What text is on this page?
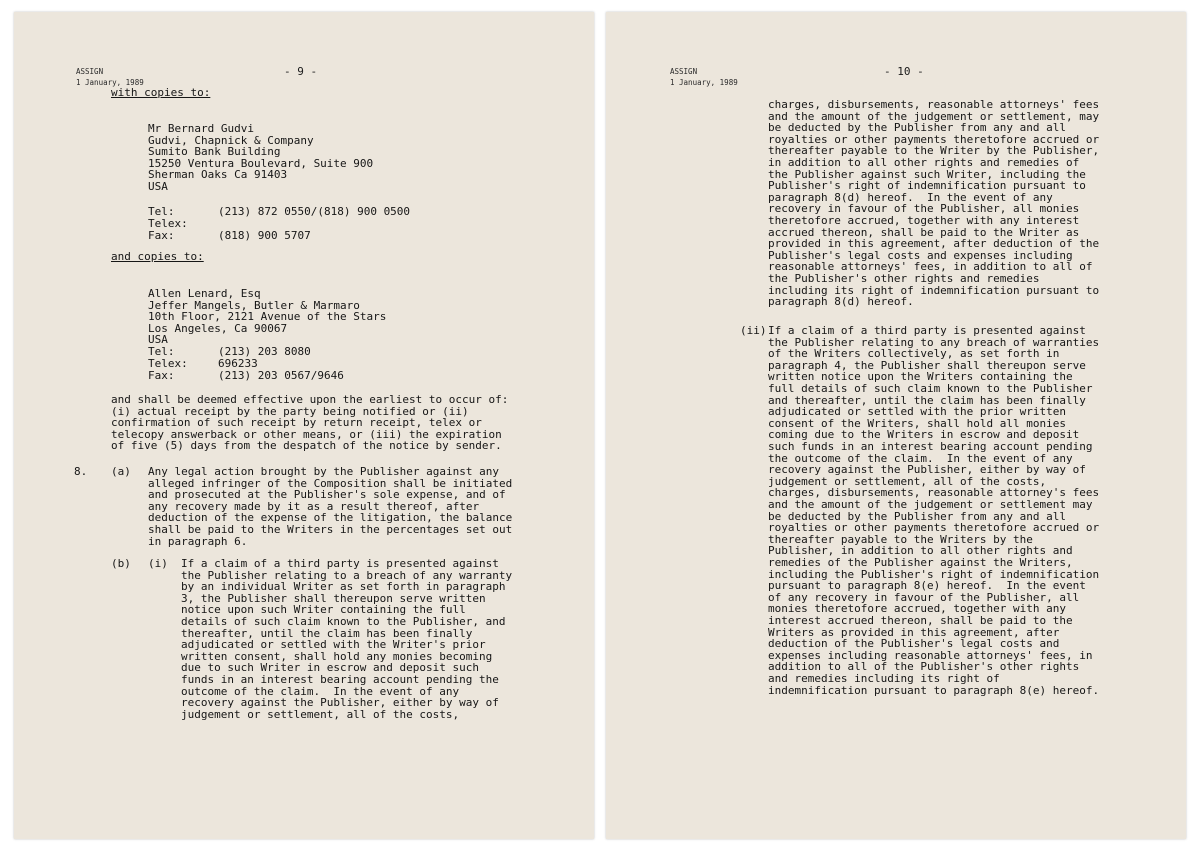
ASSIGN
1 January, 1989
- 9 -
with copies to:
Mr Bernard Gudvi
Gudvi, Chapnick & Company
Sumito Bank Building
15250 Ventura Boulevard, Suite 900
Sherman Oaks Ca 91403
USA
Tel:	(213) 872 0550/(818) 900 0500
Telex:
Fax:	(818) 900 5707
and copies to:
Allen Lenard, Esq
Jeffer Mangels, Butler & Marmaro
10th Floor, 2121 Avenue of the Stars
Los Angeles, Ca 90067
USA
Tel:	(213) 203 8080
Telex:	696233
Fax:	(213) 203 0567/9646
and shall be deemed effective upon the earliest to occur of:
(i) actual receipt by the party being notified or (ii)
confirmation of such receipt by return receipt, telex or
telecopy answerback or other means, or (iii) the expiration
of five (5) days from the despatch of the notice by sender.
8. (a) Any legal action brought by the Publisher against any
alleged infringer of the Composition shall be initiated
and prosecuted at the Publisher's sole expense, and of
any recovery made by it as a result thereof, after
deduction of the expense of the litigation, the balance
shall be paid to the Writers in the percentages set out
in paragraph 6.
(b) (i) If a claim of a third party is presented against
the Publisher relating to a breach of any warranty
by an individual Writer as set forth in paragraph
3, the Publisher shall thereupon serve written
notice upon such Writer containing the full
details of such claim known to the Publisher, and
thereafter, until the claim has been finally
adjudicated or settled with the Writer's prior
written consent, shall hold any monies becoming
due to such Writer in escrow and deposit such
funds in an interest bearing account pending the
outcome of the claim.  In the event of any
recovery against the Publisher, either by way of
judgement or settlement, all of the costs,
ASSIGN
1 January, 1989
- 10 -
charges, disbursements, reasonable attorneys' fees
and the amount of the judgement or settlement, may
be deducted by the Publisher from any and all
royalties or other payments theretofore accrued or
thereafter payable to the Writer by the Publisher,
in addition to all other rights and remedies of
the Publisher against such Writer, including the
Publisher's right of indemnification pursuant to
paragraph 8(d) hereof.  In the event of any
recovery in favour of the Publisher, all monies
theretofore accrued, together with any interest
accrued thereon, shall be paid to the Writer as
provided in this agreement, after deduction of the
Publisher's legal costs and expenses including
reasonable attorneys' fees, in addition to all of
the Publisher's other rights and remedies
including its right of indemnification pursuant to
paragraph 8(d) hereof.
(ii) If a claim of a third party is presented against
the Publisher relating to any breach of warranties
of the Writers collectively, as set forth in
paragraph 4, the Publisher shall thereupon serve
written notice upon the Writers containing the
full details of such claim known to the Publisher
and thereafter, until the claim has been finally
adjudicated or settled with the prior written
consent of the Writers, shall hold all monies
coming due to the Writers in escrow and deposit
such funds in an interest bearing account pending
the outcome of the claim.  In the event of any
recovery against the Publisher, either by way of
judgement or settlement, all of the costs,
charges, disbursements, reasonable attorney's fees
and the amount of the judgement or settlement may
be deducted by the Publisher from any and all
royalties or other payments theretofore accrued or
thereafter payable to the Writers by the
Publisher, in addition to all other rights and
remedies of the Publisher against the Writers,
including the Publisher's right of indemnification
pursuant to paragraph 8(e) hereof.  In the event
of any recovery in favour of the Publisher, all
monies theretofore accrued, together with any
interest accrued thereon, shall be paid to the
Writers as provided in this agreement, after
deduction of the Publisher's legal costs and
expenses including reasonable attorneys' fees, in
addition to all of the Publisher's other rights
and remedies including its right of
indemnification pursuant to paragraph 8(e) hereof.
